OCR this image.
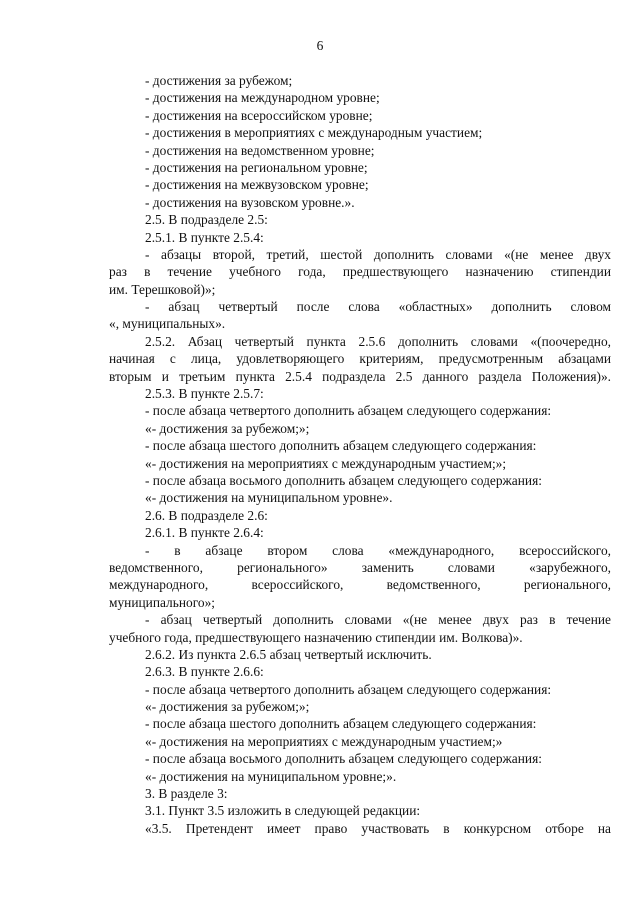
6
- достижения за рубежом;
- достижения на международном уровне;
- достижения на всероссийском уровне;
- достижения в мероприятиях с международным участием;
- достижения на ведомственном уровне;
- достижения на региональном уровне;
- достижения на межвузовском уровне;
- достижения на вузовском уровне.».
2.5. В подразделе 2.5:
2.5.1. В пункте 2.5.4:
- абзацы второй, третий, шестой дополнить словами «(не менее двух
раз в течение учебного года, предшествующего назначению стипендии
им. Терешковой)»;
- абзац четвертый после слова «областных» дополнить словом
«, муниципальных».
2.5.2. Абзац четвертый пункта 2.5.6 дополнить словами «(поочередно,
начиная с лица, удовлетворяющего критериям, предусмотренным абзацами
вторым и третьим пункта 2.5.4 подраздела 2.5 данного раздела Положения)».
2.5.3. В пункте 2.5.7:
- после абзаца четвертого дополнить абзацем следующего содержания:
«- достижения за рубежом;»;
- после абзаца шестого дополнить абзацем следующего содержания:
«- достижения на мероприятиях с международным участием;»;
- после абзаца восьмого дополнить абзацем следующего содержания:
«- достижения на муниципальном уровне».
2.6. В подразделе 2.6:
2.6.1. В пункте 2.6.4:
- в абзаце втором слова «международного, всероссийского,
ведомственного, регионального» заменить словами «зарубежного,
международного, всероссийского, ведомственного, регионального,
муниципального»;
- абзац четвертый дополнить словами «(не менее двух раз в течение
учебного года, предшествующего назначению стипендии им. Волкова)».
2.6.2. Из пункта 2.6.5 абзац четвертый исключить.
2.6.3. В пункте 2.6.6:
- после абзаца четвертого дополнить абзацем следующего содержания:
«- достижения за рубежом;»;
- после абзаца шестого дополнить абзацем следующего содержания:
«- достижения на мероприятиях с международным участием;»
- после абзаца восьмого дополнить абзацем следующего содержания:
«- достижения на муниципальном уровне;».
3. В разделе 3:
3.1. Пункт 3.5 изложить в следующей редакции:
«3.5. Претендент имеет право участвовать в конкурсном отборе на
